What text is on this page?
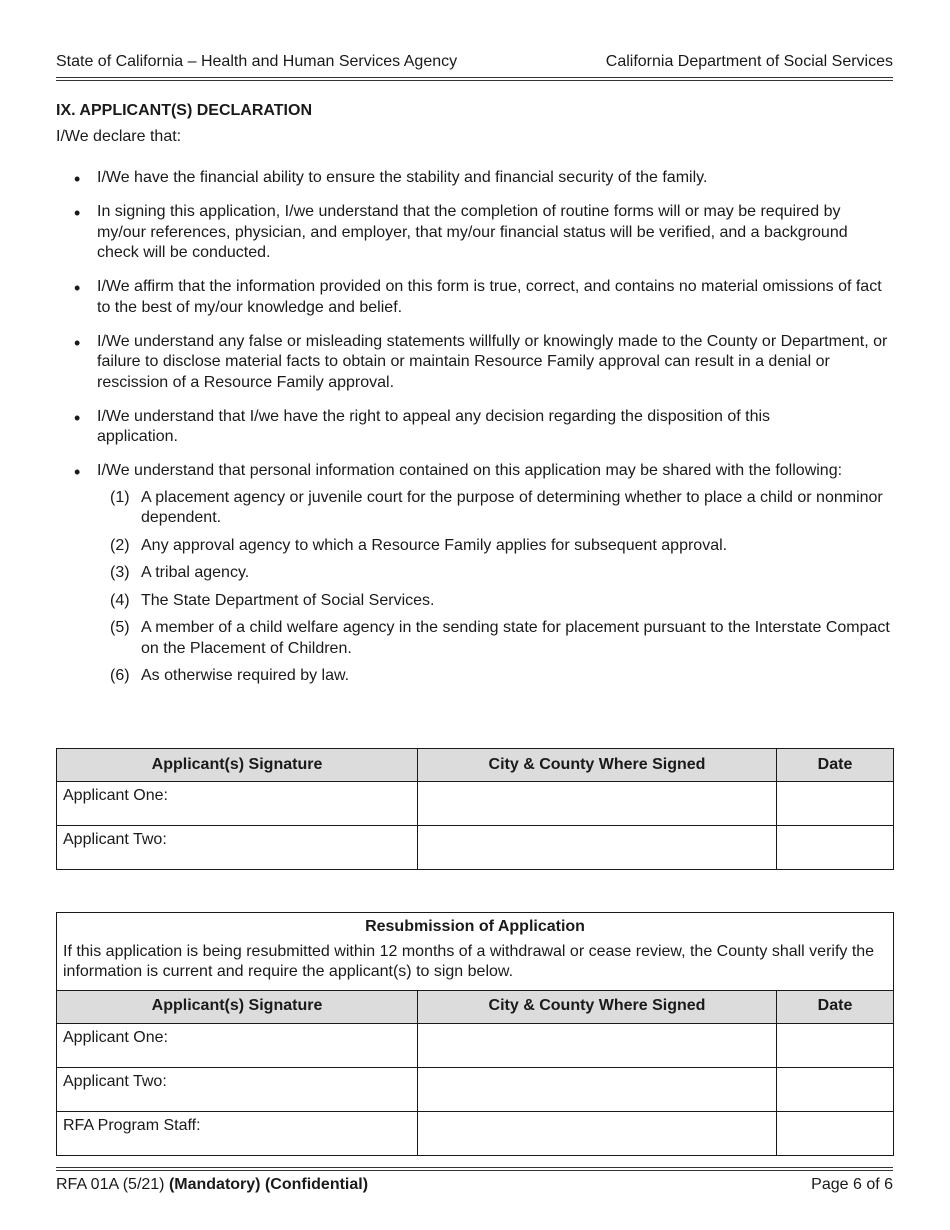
State of California – Health and Human Services Agency	California Department of Social Services
IX. APPLICANT(S) DECLARATION
I/We declare that:
• I/We have the financial ability to ensure the stability and financial security of the family.
• In signing this application, I/we understand that the completion of routine forms will or may be required by my/our references, physician, and employer, that my/our financial status will be verified, and a background check will be conducted.
• I/We affirm that the information provided on this form is true, correct, and contains no material omissions of fact to the best of my/our knowledge and belief.
• I/We understand any false or misleading statements willfully or knowingly made to the County or Department, or failure to disclose material facts to obtain or maintain Resource Family approval can result in a denial or rescission of a Resource Family approval.
• I/We understand that I/we have the right to appeal any decision regarding the disposition of this application.
• I/We understand that personal information contained on this application may be shared with the following:
(1) A placement agency or juvenile court for the purpose of determining whether to place a child or nonminor dependent.
(2) Any approval agency to which a Resource Family applies for subsequent approval.
(3) A tribal agency.
(4) The State Department of Social Services.
(5) A member of a child welfare agency in the sending state for placement pursuant to the Interstate Compact on the Placement of Children.
(6) As otherwise required by law.
Applicant(s) Signature	City & County Where Signed	Date
Applicant One:		
Applicant Two:		
Resubmission of Application
If this application is being resubmitted within 12 months of a withdrawal or cease review, the County shall verify the information is current and require the applicant(s) to sign below.		

Applicant(s) Signature	City & County Where Signed	Date
Applicant One:		
Applicant Two:		
RFA Program Staff:		
RFA 01A (5/21) (Mandatory) (Confidential)	Page 6 of 6
